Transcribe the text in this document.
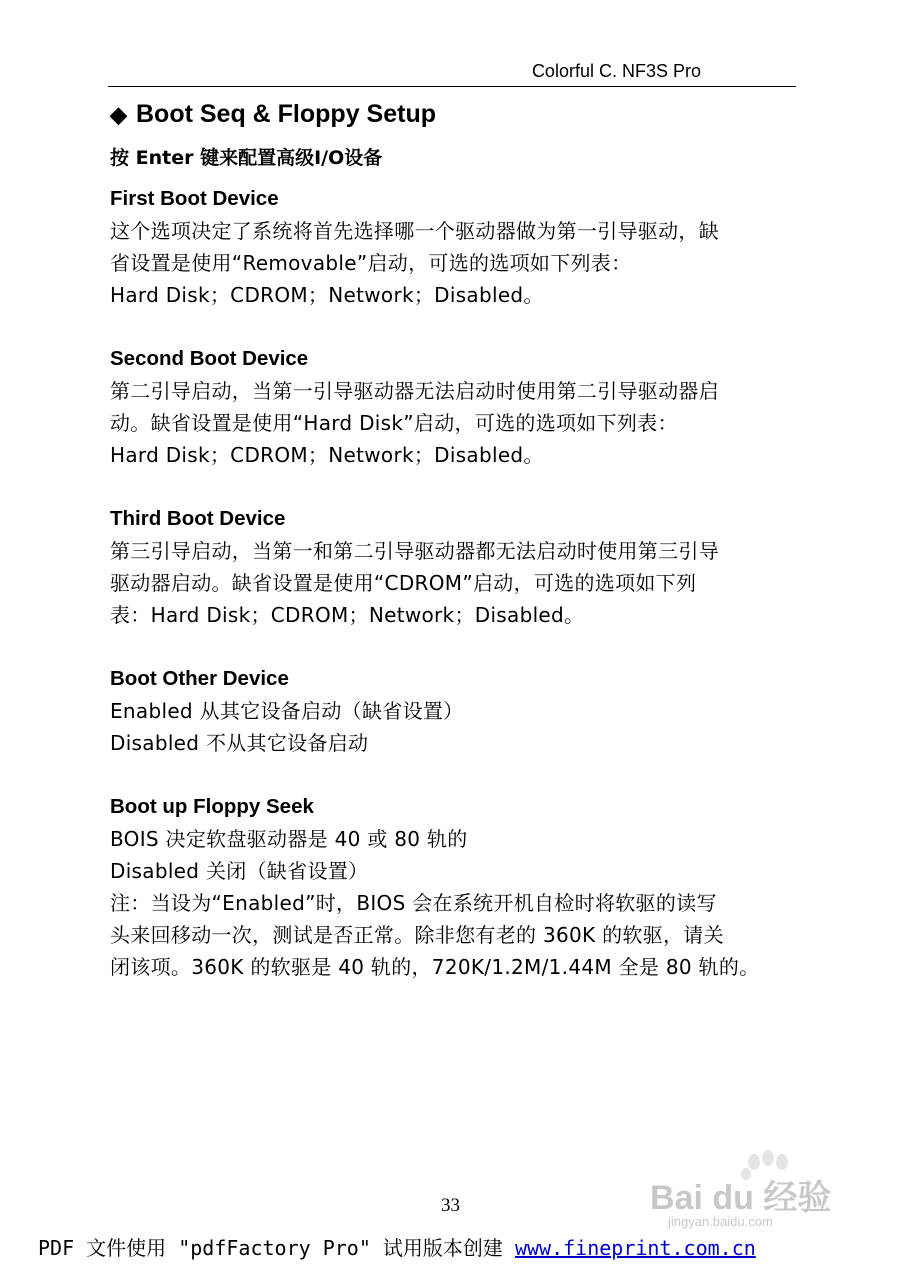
Colorful C. NF3S Pro
◆ Boot Seq & Floppy Setup
按 Enter 键来配置高级I/O设备

First Boot Device

这个选项决定了系统将首先选择哪一个驱动器做为第一引导驱动，缺

省设置是使用“Removable”启动，可选的选项如下列表：

Hard Disk；CDROM；Network；Disabled。

Second Boot Device

第二引导启动，当第一引导驱动器无法启动时使用第二引导驱动器启

动。缺省设置是使用“Hard Disk”启动，可选的选项如下列表：

Hard Disk；CDROM；Network；Disabled。

Third Boot Device

第三引导启动，当第一和第二引导驱动器都无法启动时使用第三引导

驱动器启动。缺省设置是使用“CDROM”启动，可选的选项如下列

表：Hard Disk；CDROM；Network；Disabled。

Boot Other Device

Enabled 从其它设备启动（缺省设置）

Disabled 不从其它设备启动

Boot up Floppy Seek

BOIS 决定软盘驱动器是 40 或 80 轨的

Disabled 关闭（缺省设置）

注：当设为“Enabled”时，BIOS 会在系统开机自检时将软驱的读写

头来回移动一次，测试是否正常。除非您有老的 360K 的软驱，请关

闭该项。360K 的软驱是 40 轨的，720K/1.2M/1.44M 全是 80 轨的。

Bai du 经验
jingyan.baidu.com
33
PDF 文件使用 "pdfFactory Pro" 试用版本创建 www.fineprint.com.cn
